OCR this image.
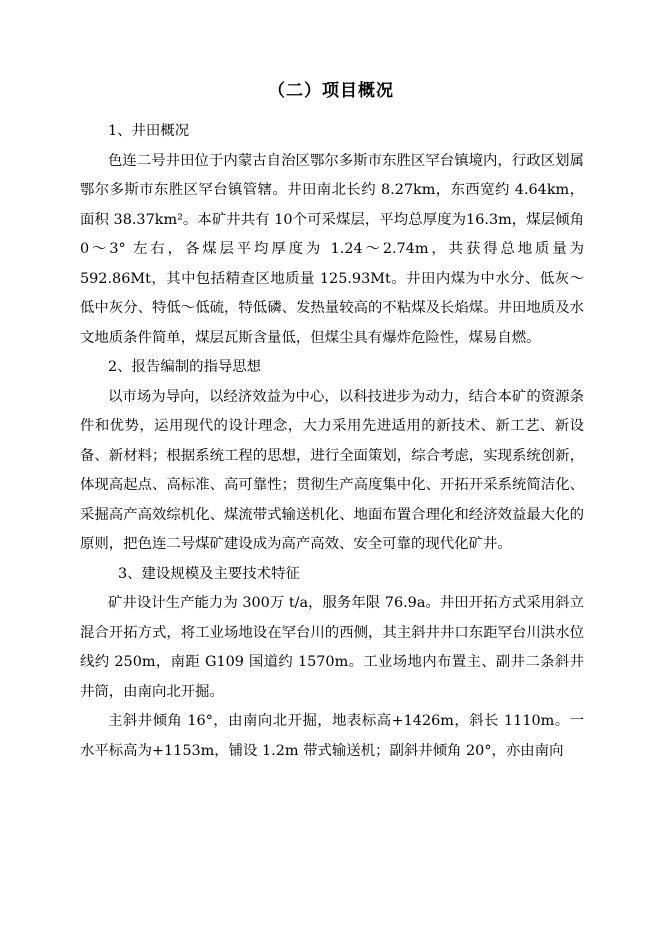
（二）项目概况
1、井田概况

色连二号井田位于内蒙古自治区鄂尔多斯市东胜区罕台镇境内，行政区划属鄂尔多斯市东胜区罕台镇管辖。井田南北长约 8.27km，东西宽约 4.64km，面积 38.37km²。本矿井共有 10个可采煤层，平均总厚度为16.3m，煤层倾角 0～3° 左右，各煤层平均厚度为 1.24～2.74m，共获得总地质量为 592.86Mt，其中包括精查区地质量 125.93Mt。井田内煤为中水分、低灰～低中灰分、特低～低硫，特低磷、发热量较高的不粘煤及长焰煤。井田地质及水文地质条件简单，煤层瓦斯含量低，但煤尘具有爆炸危险性，煤易自燃。

2、报告编制的指导思想

以市场为导向，以经济效益为中心，以科技进步为动力，结合本矿的资源条件和优势，运用现代的设计理念，大力采用先进适用的新技术、新工艺、新设备、新材料；根据系统工程的思想，进行全面策划，综合考虑，实现系统创新，体现高起点、高标准、高可靠性；贯彻生产高度集中化、开拓开采系统简洁化、采掘高产高效综机化、煤流带式输送机化、地面布置合理化和经济效益最大化的原则，把色连二号煤矿建设成为高产高效、安全可靠的现代化矿井。

3、建设规模及主要技术特征

矿井设计生产能力为 300万 t/a，服务年限 76.9a。井田开拓方式采用斜立混合开拓方式，将工业场地设在罕台川的西侧，其主斜井井口东距罕台川洪水位线约 250m，南距 G109 国道约 1570m。工业场地内布置主、副井二条斜井井筒，由南向北开掘。

主斜井倾角 16°，由南向北开掘，地表标高+1426m，斜长 1110m。一水平标高为+1153m，铺设 1.2m 带式输送机；副斜井倾角 20°，亦由南向
